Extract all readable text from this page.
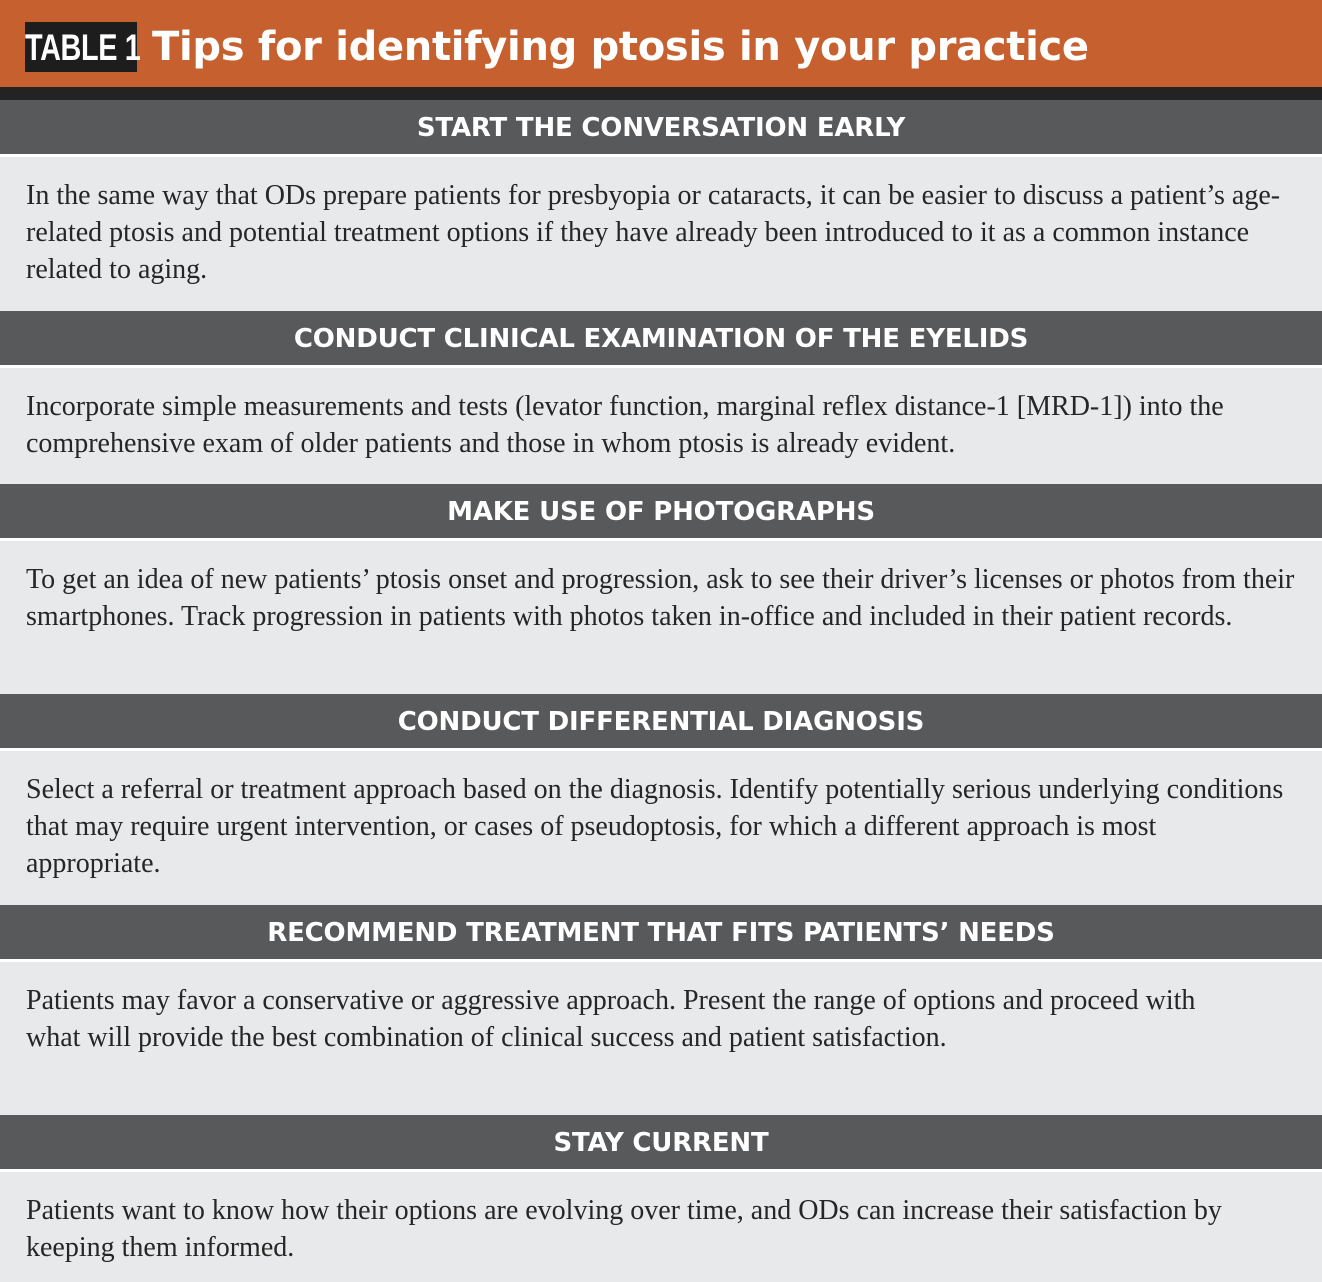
TABLE 1 Tips for identifying ptosis in your practice
START THE CONVERSATION EARLY

In the same way that ODs prepare patients for presbyopia or cataracts, it can be easier to discuss a patient’s age-related ptosis and potential treatment options if they have already been introduced to it as a common instance related to aging.

CONDUCT CLINICAL EXAMINATION OF THE EYELIDS

Incorporate simple measurements and tests (levator function, marginal reflex distance-1 [MRD-1]) into the comprehensive exam of older patients and those in whom ptosis is already evident.

MAKE USE OF PHOTOGRAPHS

To get an idea of new patients’ ptosis onset and progression, ask to see their driver’s licenses or photos from their smartphones. Track progression in patients with photos taken in-office and included in their patient records.

CONDUCT DIFFERENTIAL DIAGNOSIS

Select a referral or treatment approach based on the diagnosis. Identify potentially serious underlying conditions that may require urgent intervention, or cases of pseudoptosis, for which a different approach is most appropriate.

RECOMMEND TREATMENT THAT FITS PATIENTS’ NEEDS

Patients may favor a conservative or aggressive approach. Present the range of options and proceed with what will provide the best combination of clinical success and patient satisfaction.

STAY CURRENT

Patients want to know how their options are evolving over time, and ODs can increase their satisfaction by keeping them informed.
